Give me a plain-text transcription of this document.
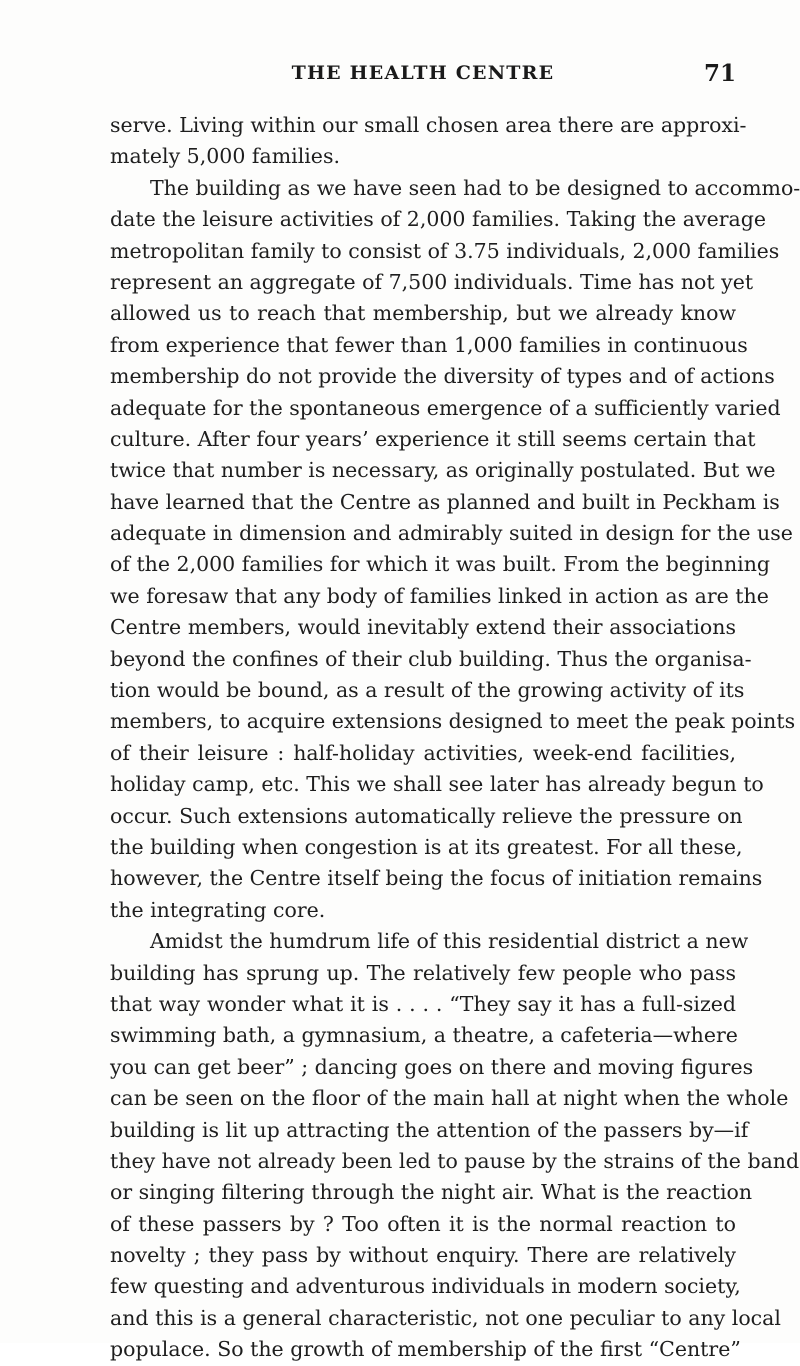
THE HEALTH CENTRE	71
serve. Living within our small chosen area there are approxi-
mately 5,000 families.
The building as we have seen had to be designed to accommo-
date the leisure activities of 2,000 families. Taking the average
metropolitan family to consist of 3.75 individuals, 2,000 families
represent an aggregate of 7,500 individuals. Time has not yet
allowed us to reach that membership, but we already know
from experience that fewer than 1,000 families in continuous
membership do not provide the diversity of types and of actions
adequate for the spontaneous emergence of a sufficiently varied
culture. After four years’ experience it still seems certain that
twice that number is necessary, as originally postulated. But we
have learned that the Centre as planned and built in Peckham is
adequate in dimension and admirably suited in design for the use
of the 2,000 families for which it was built. From the beginning
we foresaw that any body of families linked in action as are the
Centre members, would inevitably extend their associations
beyond the confines of their club building. Thus the organisa-
tion would be bound, as a result of the growing activity of its
members, to acquire extensions designed to meet the peak points
of their leisure : half-holiday activities, week-end facilities,
holiday camp, etc. This we shall see later has already begun to
occur. Such extensions automatically relieve the pressure on
the building when congestion is at its greatest. For all these,
however, the Centre itself being the focus of initiation remains
the integrating core.
Amidst the humdrum life of this residential district a new
building has sprung up. The relatively few people who pass
that way wonder what it is . . . . “They say it has a full-sized
swimming bath, a gymnasium, a theatre, a cafeteria—where
you can get beer” ; dancing goes on there and moving figures
can be seen on the floor of the main hall at night when the whole
building is lit up attracting the attention of the passers by—if
they have not already been led to pause by the strains of the band
or singing filtering through the night air. What is the reaction
of these passers by ? Too often it is the normal reaction to
novelty ; they pass by without enquiry. There are relatively
few questing and adventurous individuals in modern society,
and this is a general characteristic, not one peculiar to any local
populace. So the growth of membership of the first “Centre”
